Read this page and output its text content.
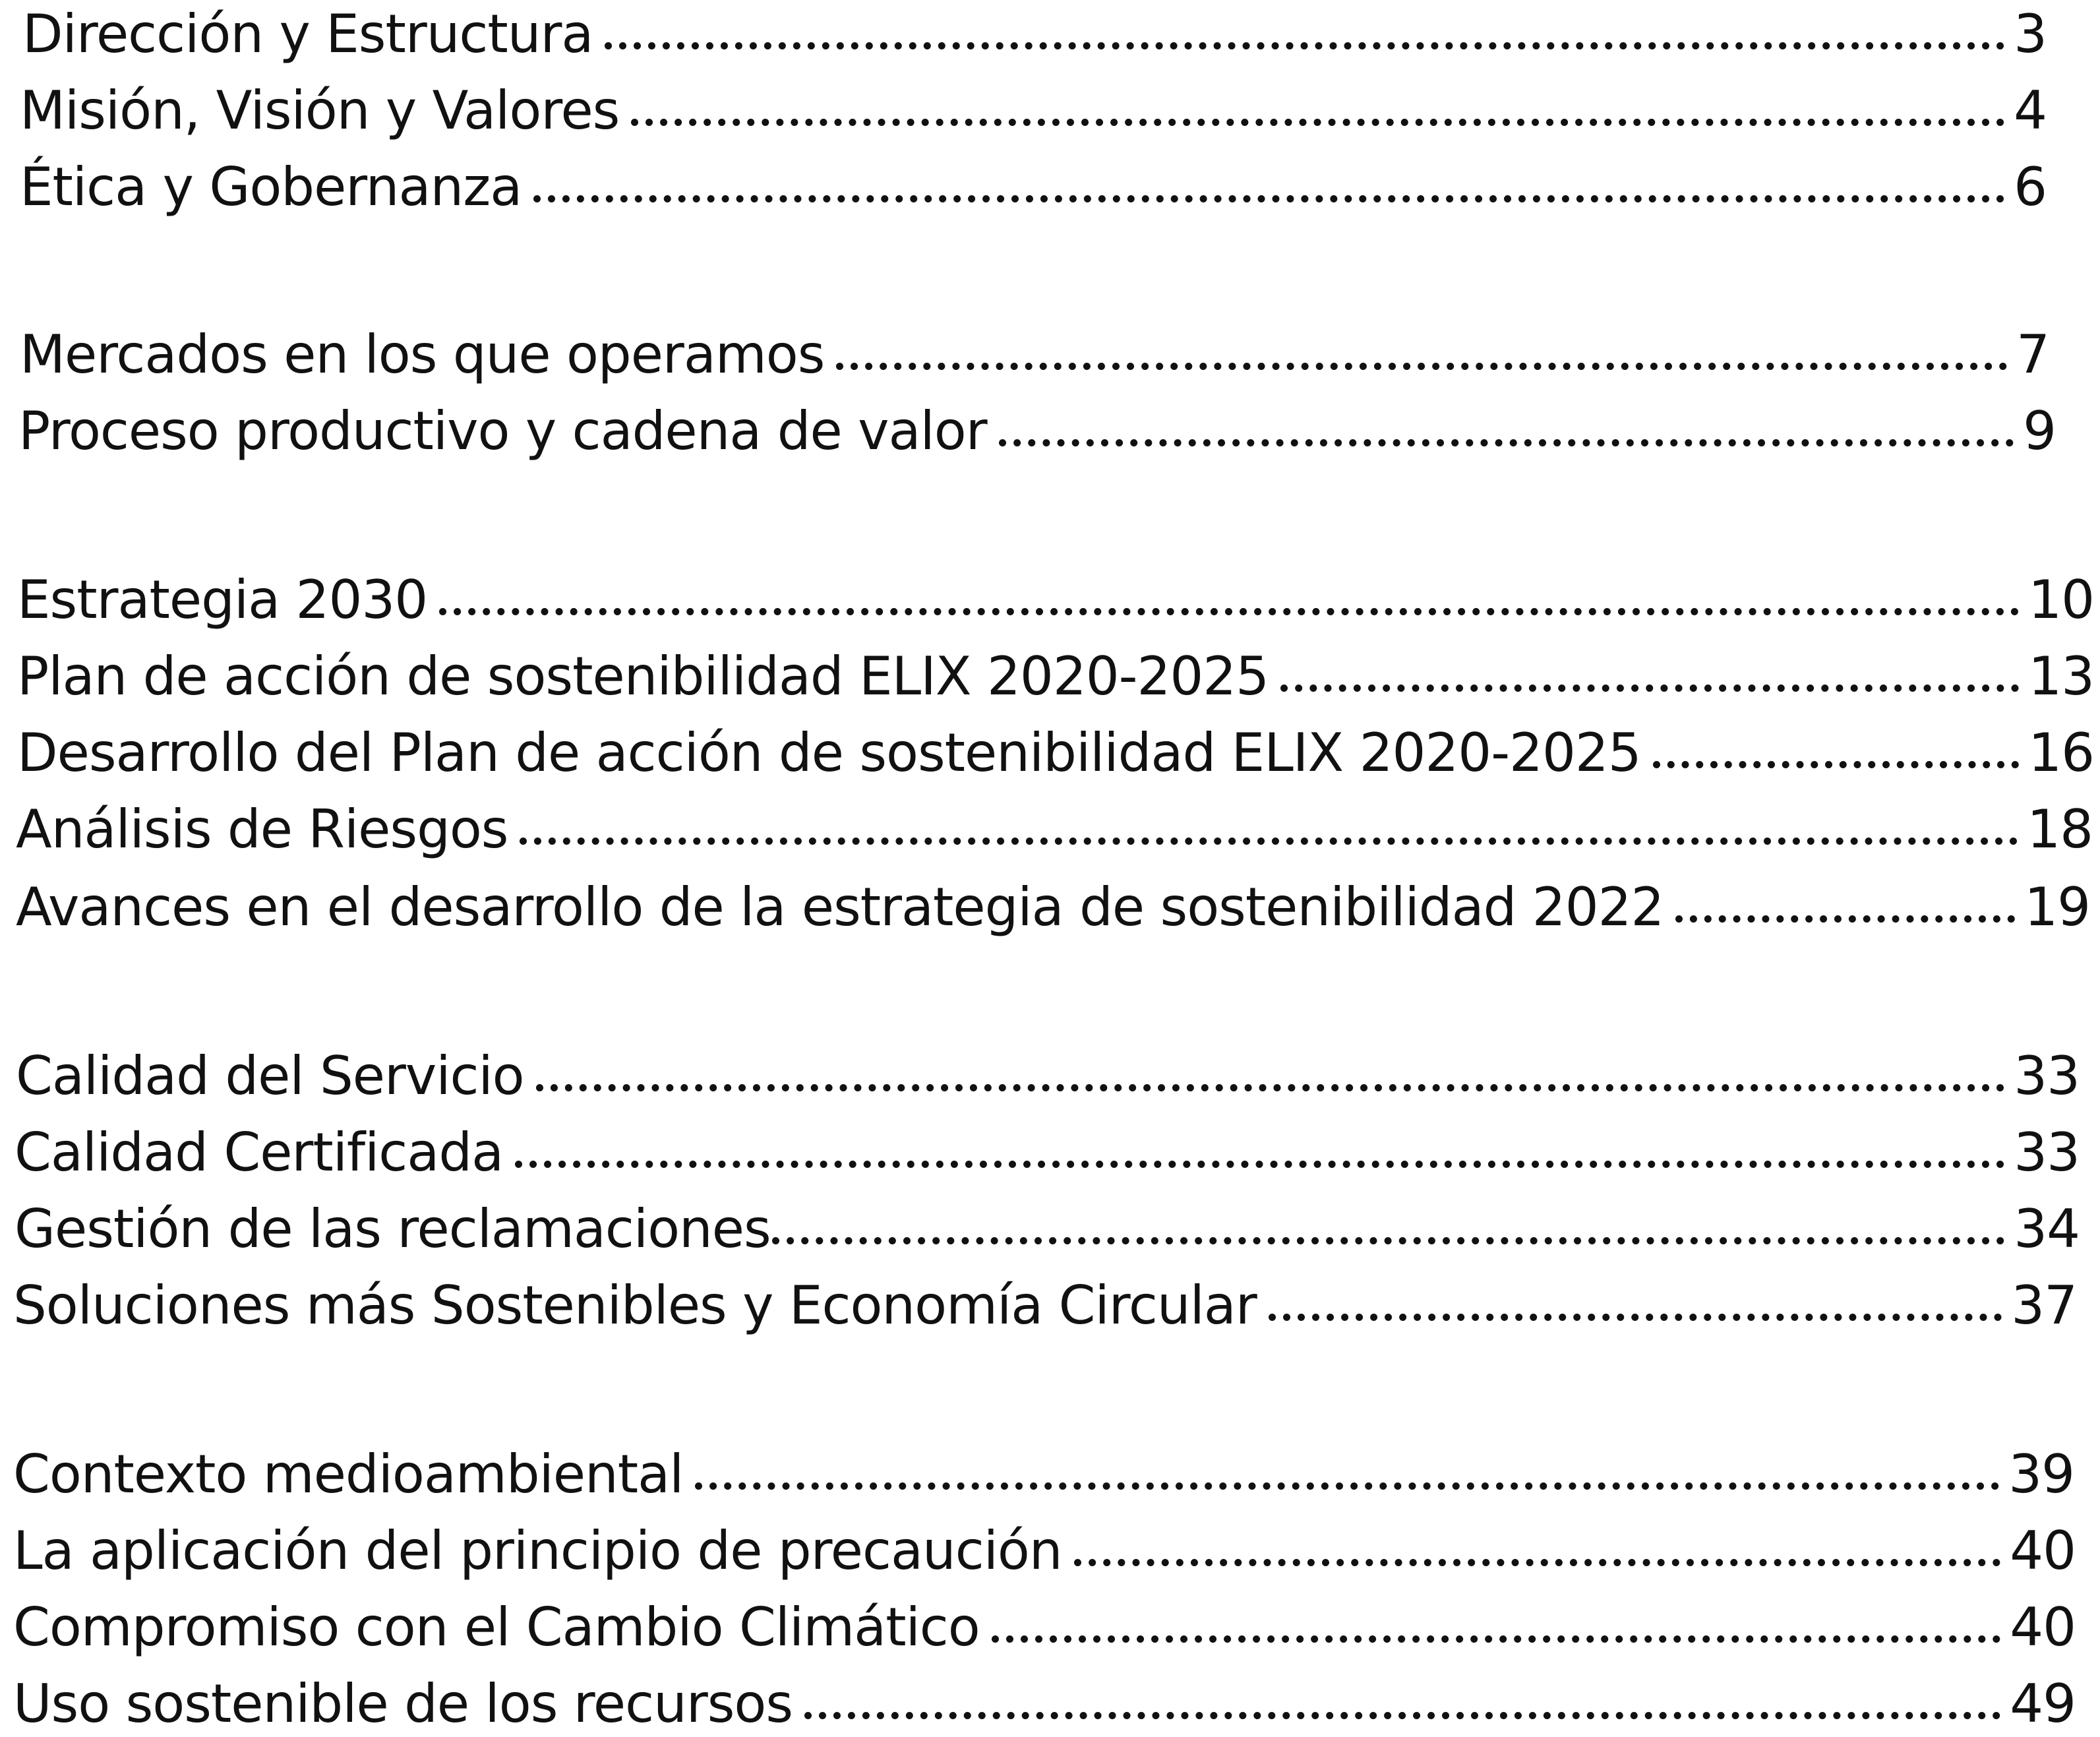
Dirección y Estructura	3
Misión, Visión y Valores	4
Ética y Gobernanza	6
Mercados en los que operamos	7
Proceso productivo y cadena de valor	9
Estrategia 2030	10
Plan de acción de sostenibilidad ELIX 2020-2025	13
Desarrollo del Plan de acción de sostenibilidad ELIX 2020-2025	16
Análisis de Riesgos	18
Avances en el desarrollo de la estrategia de sostenibilidad 2022	19
Calidad del Servicio	33
Calidad Certificada	33
Gestión de las reclamaciones	34
Soluciones más Sostenibles y Economía Circular	37
Contexto medioambiental	39
La aplicación del principio de precaución	40
Compromiso con el Cambio Climático	40
Uso sostenible de los recursos	49
